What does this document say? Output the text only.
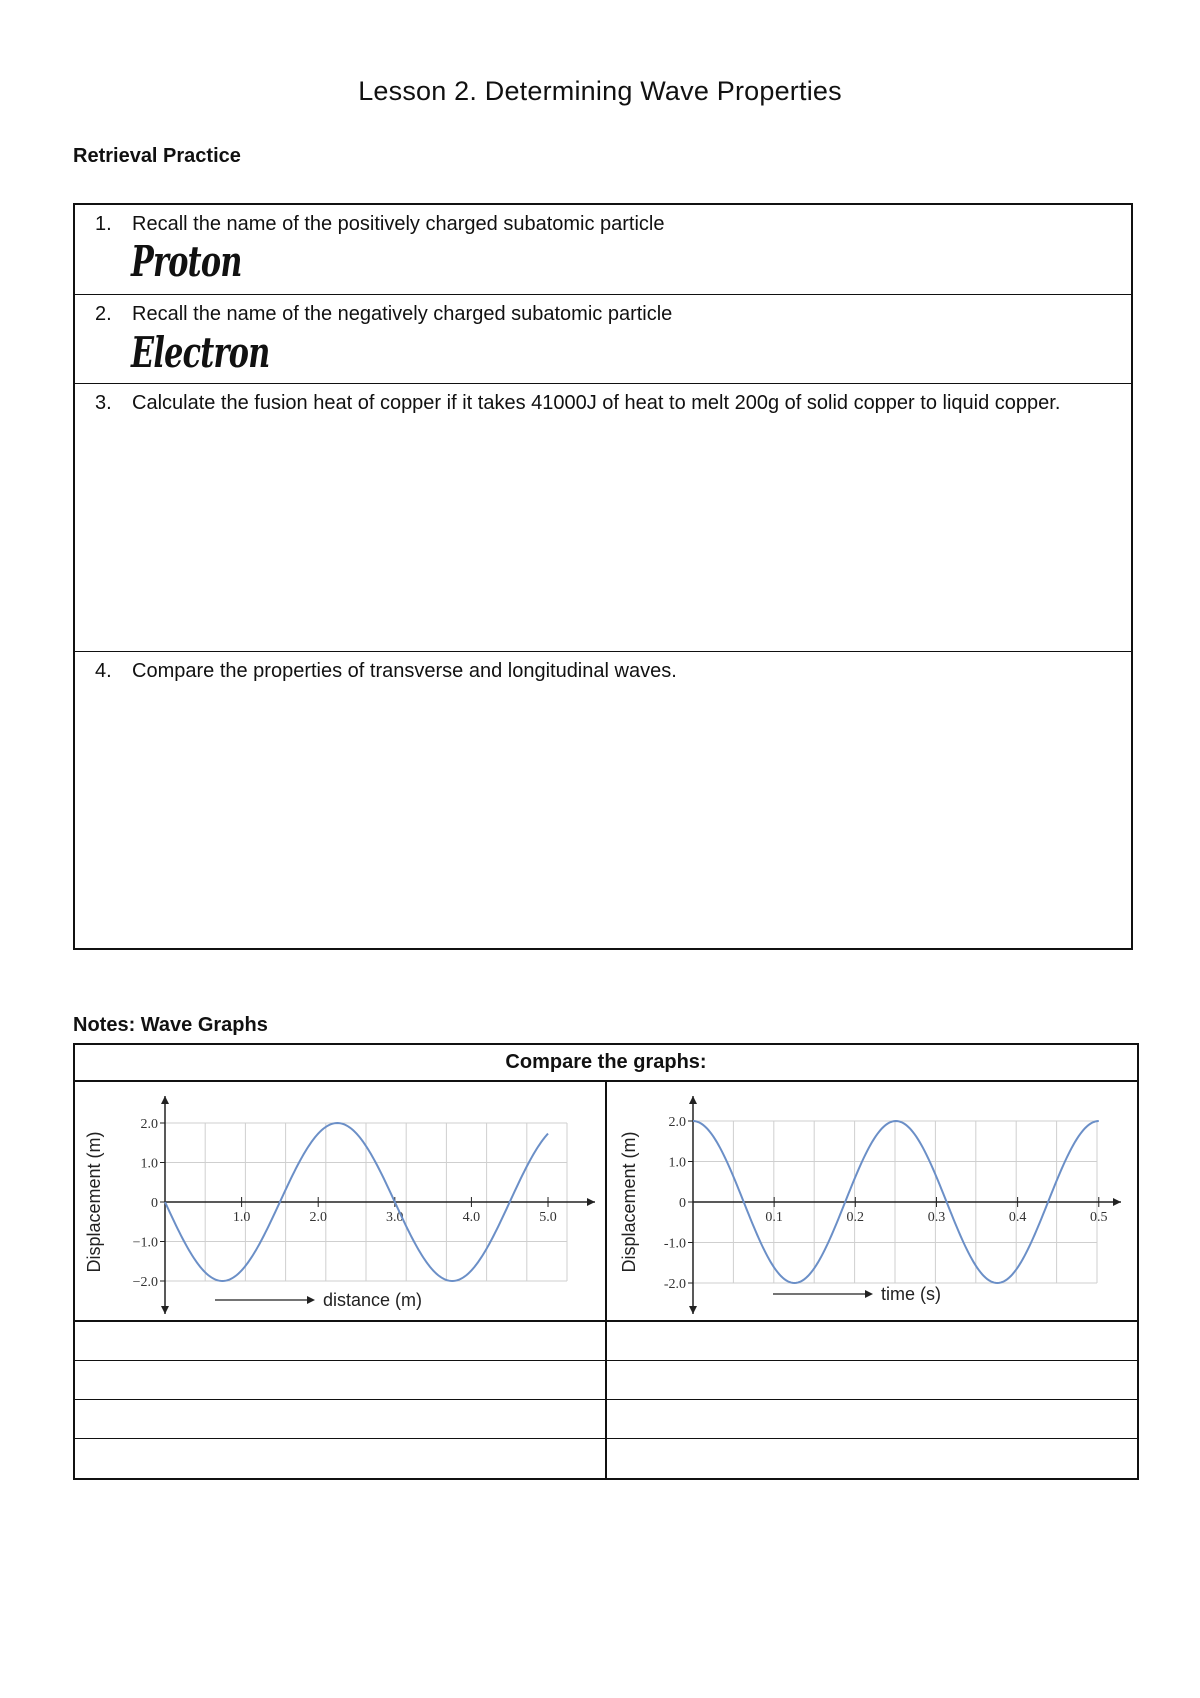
Lesson 2. Determining Wave Properties
Retrieval Practice
1.	Recall the name of the positively charged subatomic particle
Proton
2.	Recall the name of the negatively charged subatomic particle
Electron
3.	Calculate the fusion heat of copper if it takes 41000J of heat to melt 200g of solid copper to liquid copper.
4.	Compare the properties of transverse and longitudinal waves.
Notes: Wave Graphs
Compare the graphs:
2.0
1.0
0
−1.0
−2.0
1.0	2.0	3.0	4.0	5.0
Displacement (m)
distance (m)
2.0
1.0
0
-1.0
-2.0
0.1	0.2	0.3	0.4	0.5
Displacement (m)
time (s)
